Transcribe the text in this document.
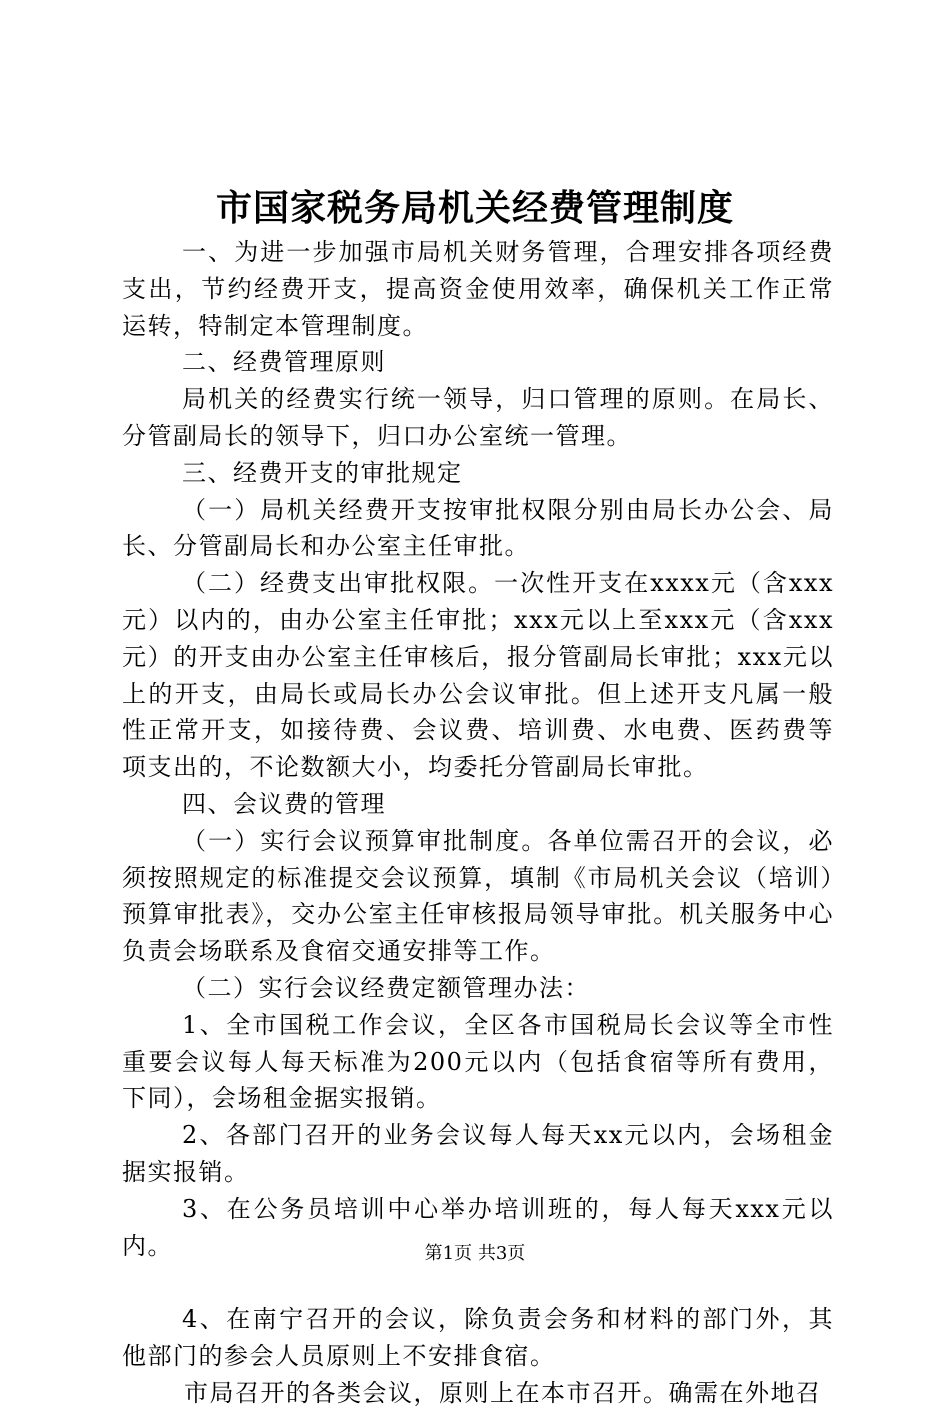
市国家税务局机关经费管理制度

一、为进一步加强市局机关财务管理，合理安排各项经费支出，节约经费开支，提高资金使用效率，确保机关工作正常运转，特制定本管理制度。

二、经费管理原则

局机关的经费实行统一领导，归口管理的原则。在局长、分管副局长的领导下，归口办公室统一管理。

三、经费开支的审批规定

（一）局机关经费开支按审批权限分别由局长办公会、局长、分管副局长和办公室主任审批。

（二）经费支出审批权限。一次性开支在xxxx元（含xxx元）以内的，由办公室主任审批；xxx元以上至xxx元（含xxx元）的开支由办公室主任审核后，报分管副局长审批；xxx元以上的开支，由局长或局长办公会议审批。但上述开支凡属一般性正常开支，如接待费、会议费、培训费、水电费、医药费等项支出的，不论数额大小，均委托分管副局长审批。

四、会议费的管理

（一）实行会议预算审批制度。各单位需召开的会议，必须按照规定的标准提交会议预算，填制《市局机关会议（培训）预算审批表》，交办公室主任审核报局领导审批。机关服务中心负责会场联系及食宿交通安排等工作。

（二）实行会议经费定额管理办法：

1、全市国税工作会议，全区各市国税局长会议等全市性重要会议每人每天标准为200元以内（包括食宿等所有费用，下同），会场租金据实报销。

2、各部门召开的业务会议每人每天xx元以内，会场租金据实报销。

3、在公务员培训中心举办培训班的，每人每天xxx元以内。

4、在南宁召开的会议，除负责会务和材料的部门外，其他部门的参会人员原则上不安排食宿。

市局召开的各类会议，原则上在本市召开。确需在外地召

第1页 共3页
